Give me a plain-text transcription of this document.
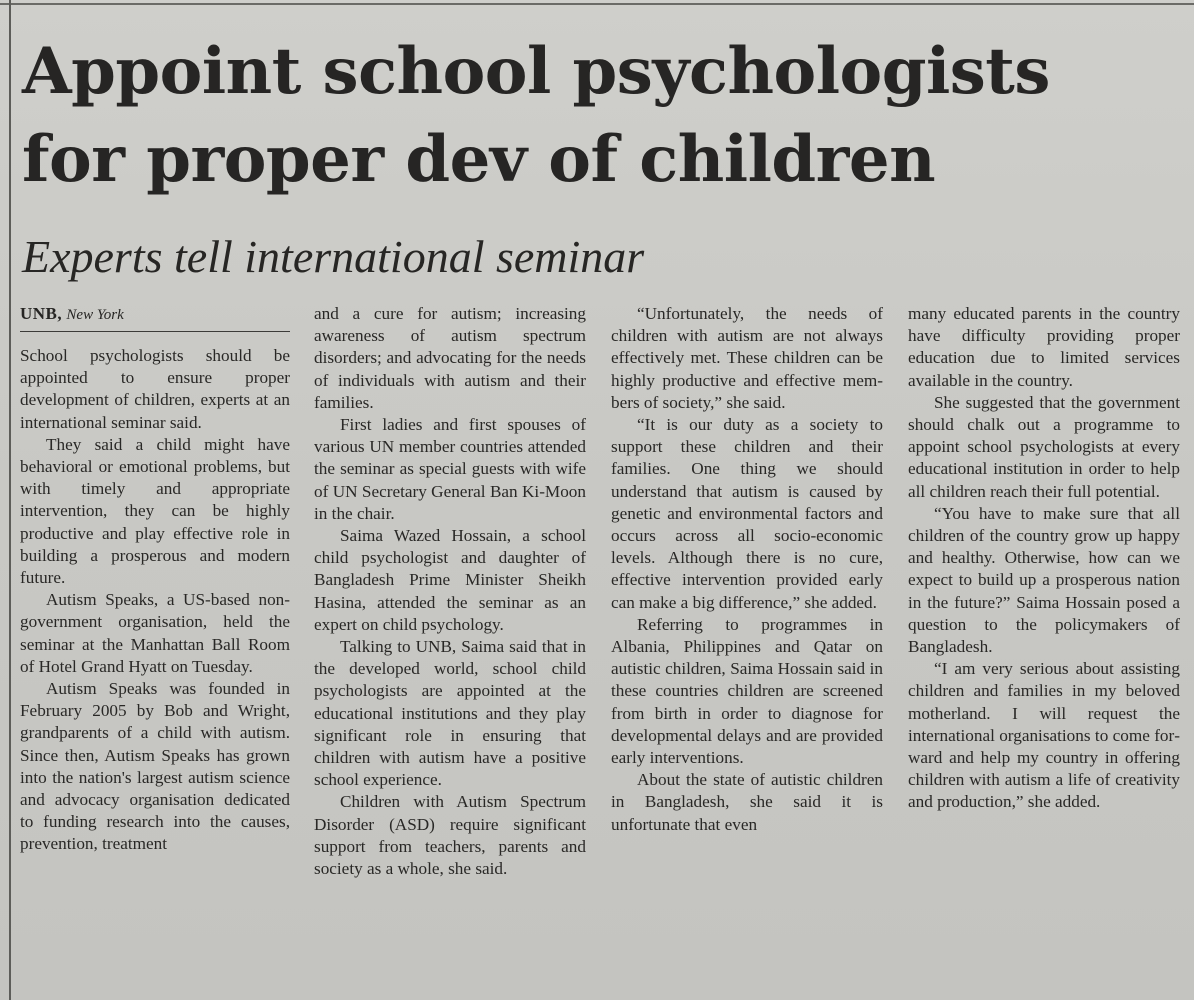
Appoint school psychologists
for proper dev of children
Experts tell international seminar
UNB, New York

School psychologists should be appointed to ensure proper development of children, experts at an international seminar said.

They said a child might have behavioral or emotional problems, but with timely and appropriate intervention, they can be highly productive and play effective role in building a prosperous and modern future.

Autism Speaks, a US-based non-government organisation, held the seminar at the Manhattan Ball Room of Hotel Grand Hyatt on Tuesday.

Autism Speaks was founded in February 2005 by Bob and Wright, grandparents of a child with autism. Since then, Autism Speaks has grown into the nation's largest autism science and advocacy organisation dedicated to funding research into the causes, prevention, treatment

and a cure for autism; increasing awareness of autism spectrum disorders; and advocating for the needs of individuals with autism and their families.

First ladies and first spouses of various UN member countries attended the seminar as special guests with wife of UN Secretary General Ban Ki-Moon in the chair.

Saima Wazed Hossain, a school child psychologist and daughter of Bangladesh Prime Minister Sheikh Hasina, attended the seminar as an expert on child psychology.

Talking to UNB, Saima said that in the developed world, school child psychologists are appointed at the educational institutions and they play significant role in ensuring that children with autism have a positive school experience.

Children with Autism Spectrum Disorder (ASD) require significant support from teachers, parents and society as a whole, she said.

“Unfortunately, the needs of children with autism are not always effectively met. These children can be highly productive and effective members of society,” she said.

“It is our duty as a society to support these children and their families. One thing we should understand that autism is caused by genetic and environmental factors and occurs across all socio-economic levels. Although there is no cure, effective intervention provided early can make a big difference,” she added.

Referring to programmes in Albania, Philippines and Qatar on autistic children, Saima Hossain said in these countries children are screened from birth in order to diagnose for developmental delays and are provided early interventions.

About the state of autistic children in Bangladesh, she said it is unfortunate that even

many educated parents in the country have difficulty providing proper education due to limited services available in the country.

She suggested that the government should chalk out a programme to appoint school psychologists at every educational institution in order to help all children reach their full potential.

“You have to make sure that all children of the country grow up happy and healthy. Otherwise, how can we expect to build up a prosperous nation in the future?” Saima Hossain posed a question to the policymakers of Bangladesh.

“I am very serious about assisting children and families in my beloved motherland. I will request the international organisations to come forward and help my country in offering children with autism a life of creativity and production,” she added.
